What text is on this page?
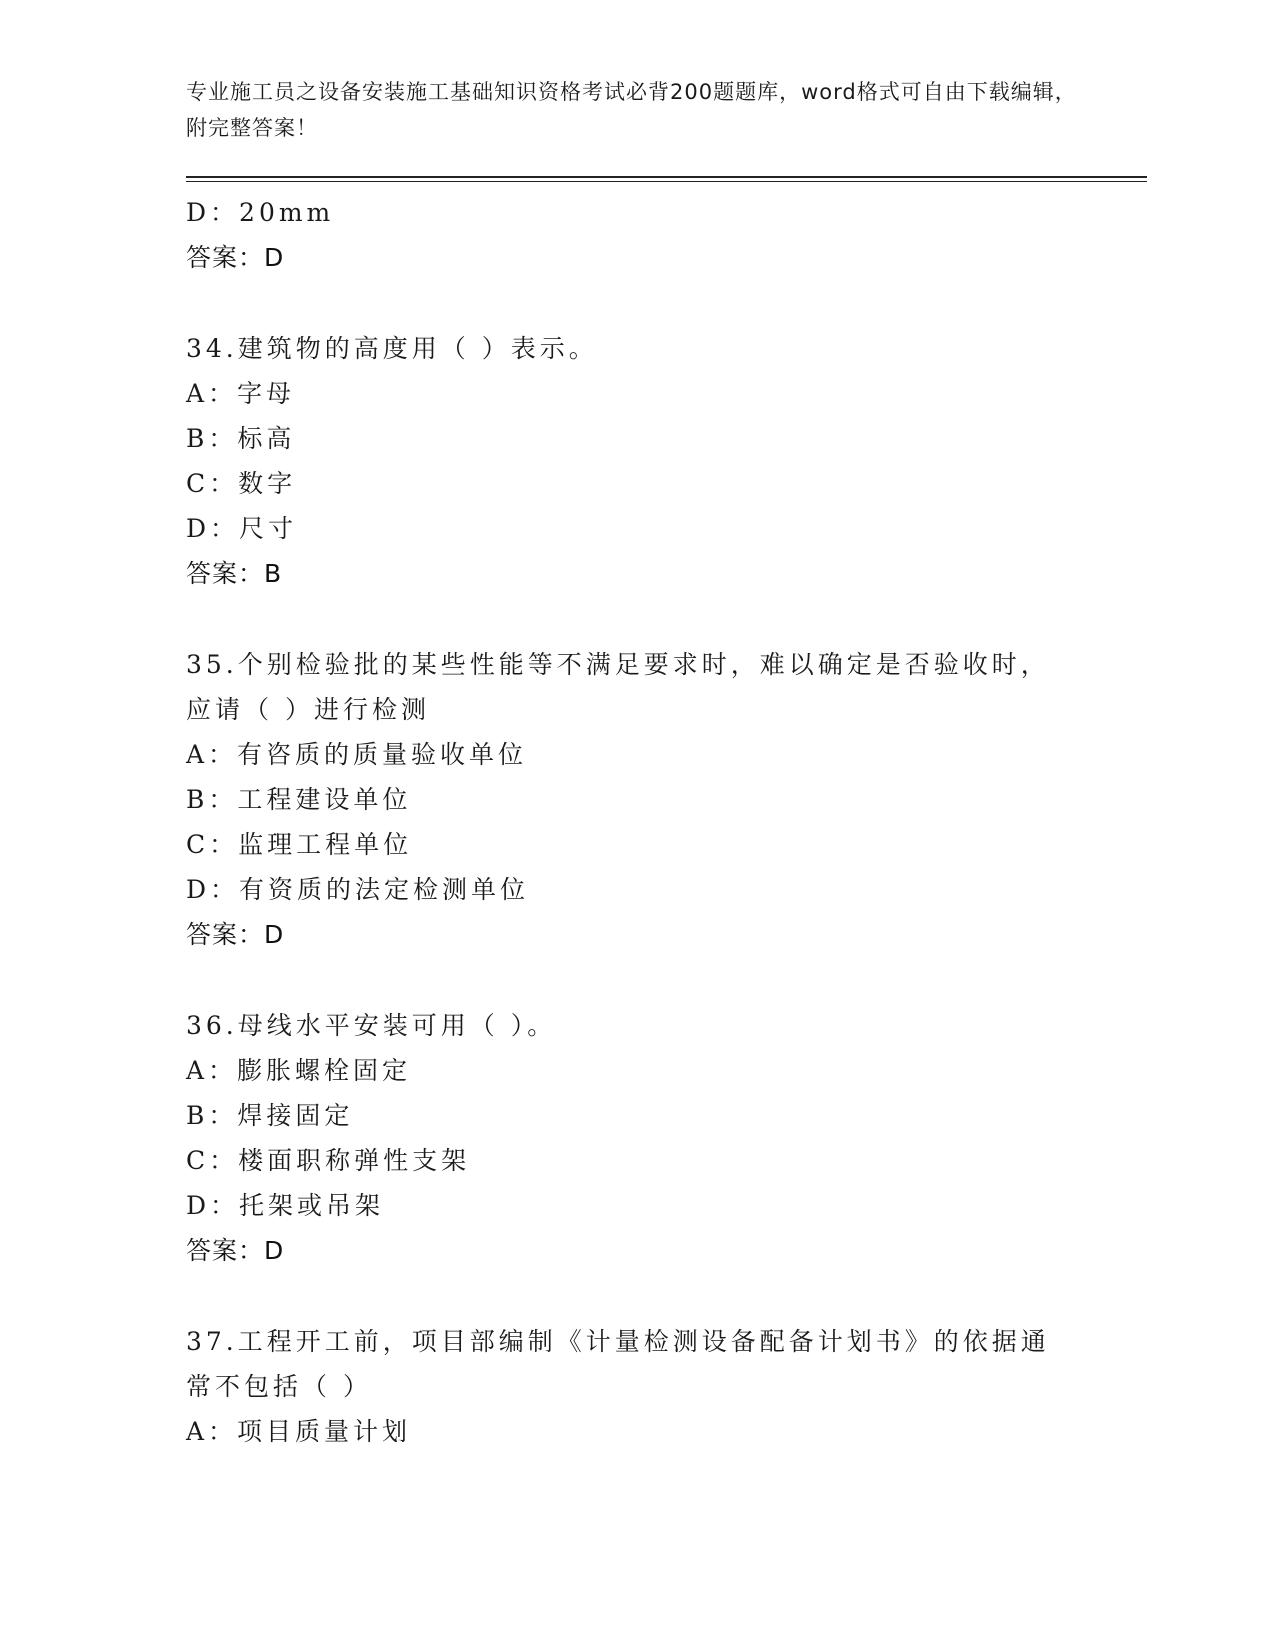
专业施工员之设备安装施工基础知识资格考试必背200题题库，word格式可自由下载编辑，附完整答案！
D：20mm
答案：D
34.建筑物的高度用（ ）表示。
A：字母
B：标高
C：数字
D：尺寸
答案：B
35.个别检验批的某些性能等不满足要求时，难以确定是否验收时，应请（ ）进行检测
A：有咨质的质量验收单位
B：工程建设单位
C：监理工程单位
D：有资质的法定检测单位
答案：D
36.母线水平安装可用（ ）。
A：膨胀螺栓固定
B：焊接固定
C：楼面职称弹性支架
D：托架或吊架
答案：D
37.工程开工前，项目部编制《计量检测设备配备计划书》的依据通常不包括（ ）
A：项目质量计划
